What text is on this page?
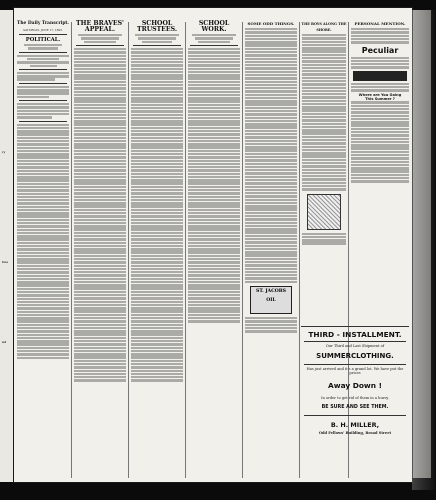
ry
ties
nd
The Daily Transcript.
SATURDAY, JUNE 17, 1893.
POLITICAL.
THE BRAVES' APPEAL.
SCHOOL TRUSTEES.
SCHOOL WORK.
SOME ODD THINGS.
ST. JACOBS OIL
THE BOYS ALONG THE SHORE.
PERSONAL MENTION.
Peculiar

Where are You Going
This Summer ?
THIRD - INSTALLMENT.
Our Third and Last Shipment of
SUMMERCLOTHING.
Has just arrived and it's a grand lot. We have put the prices
Away Down !
In order to get rid of them in a hurry.
BE SURE AND SEE THEM.
B. H. MILLER,
Odd Fellows' Building, Broad Street
